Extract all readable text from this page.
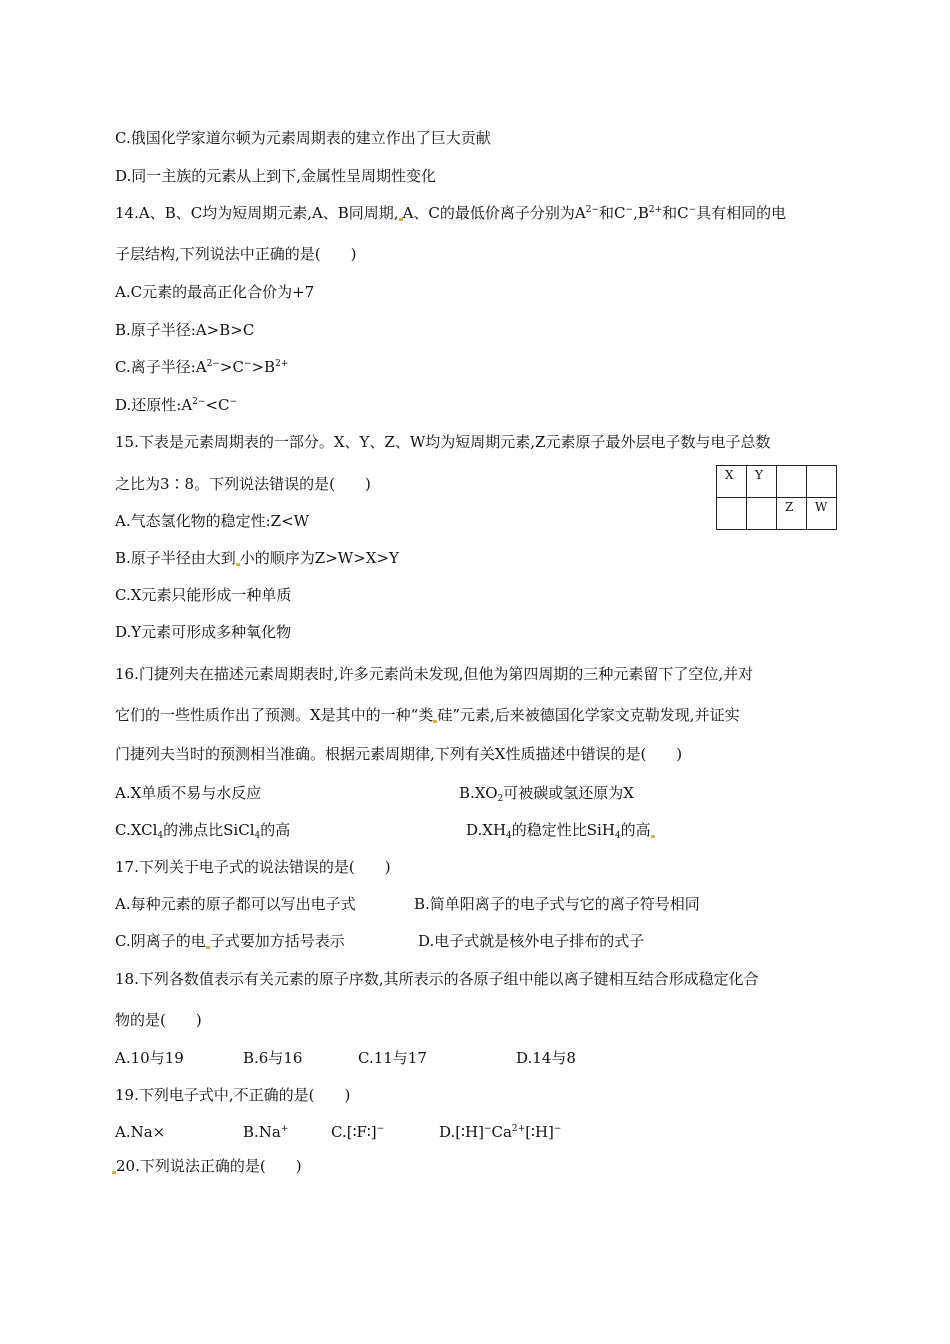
C.俄国化学家道尔顿为元素周期表的建立作出了巨大贡献
D.同一主族的元素从上到下,金属性呈周期性变化
14.A、B、C均为短周期元素,A、B同周期, A、C的最低价离子分别为$A^{2-}$和$C^-,B^{2+}$和C−具有相同的电
子层结构,下列说法中正确的是(　　)
A.C元素的最高正化合价为+7
B.原子半径:A>B>C
C.离子半径$:A^{2-}>C^->B^{2+}$
D.还原性$:A^{2-}<C^-$
15.下表是元素周期表的一部分。X、Y、Z、W均为短周期元素,Z元素原子最外层电子数与电子总数
之比为3∶8。下列说法错误的是(　　)	X	Y		
		Z	W
A.气态氢化物的稳定性:Z<W
B.原子半径由大到 小的顺序为Z>W>X>Y
C.X元素只能形成一种单质
D.Y元素可形成多种氧化物
16.门捷列夫在描述元素周期表时,许多元素尚未发现,但他为第四周期的三种元素留下了空位,并对
它们的一些性质作出了预测。X是其中的一种“类 硅”元素,后来被德国化学家文克勒发现,并证实
门捷列夫当时的预测相当准确。根据元素周期律,下列有关X性质描述中错误的是(　　)
A.X单质不易与水反应	$B.XO_2$可被碳或氢还原为X
C.XCl$_4$的沸点比SiCl$_4$的高	$D.XH_4$的稳定性比SiH$_4$的高
17.下列关于电子式的说法错误的是(　　)
A.每种元素的原子都可以写出电子式	B.简单阳离子的电子式与它的离子符号相同
C.阴离子的电 子式要加方括号表示	D.电子式就是核外电子排布的式子
18.下列各数值表示有关元素的原子序数,其所表示的各原子组中能以离子键相互结合形成稳定化合
物的是(　　)
A.10与19	B.6与16	C.11与17	D.14与8
19.下列电子式中,不正确的是(　　)
A.Na×	B.Na+	C.[∶F∶]−	$D.[∶H]^-Ca^{2+}[∶H]^-$
20.下列说法正确的是(　　)
